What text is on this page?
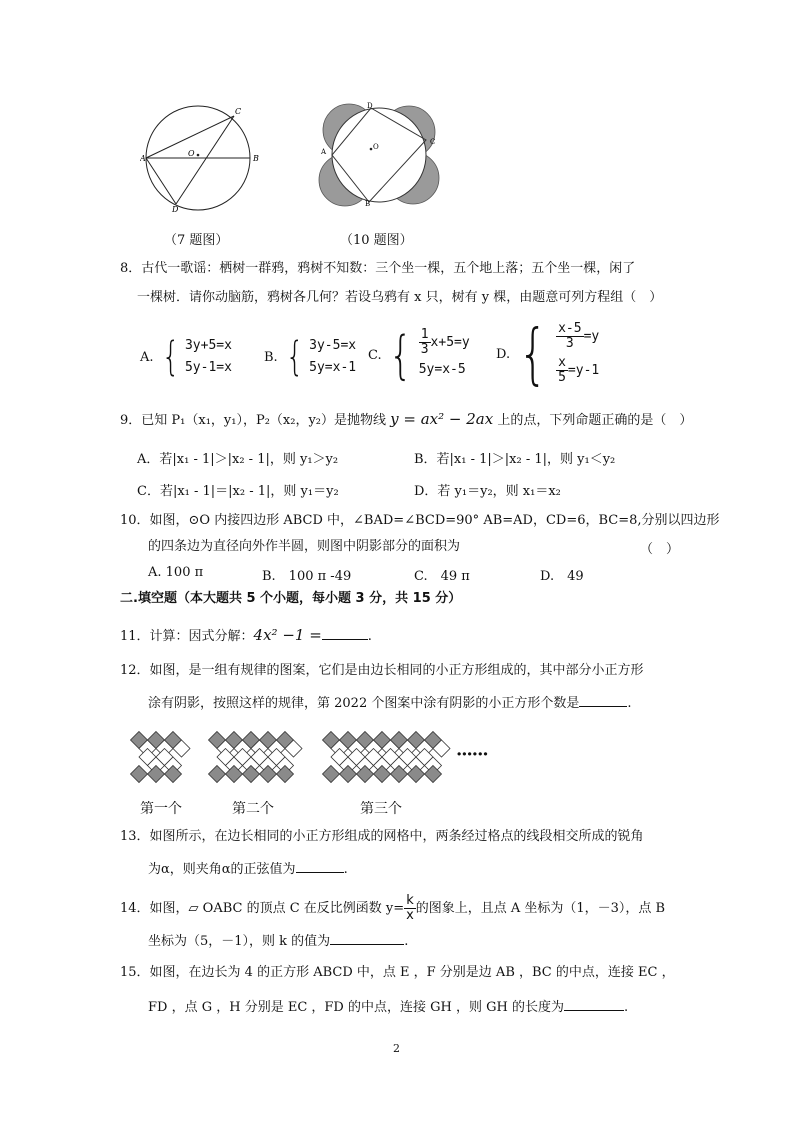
A	B
C
D
O
（7 题图）
A
B
C
D
O
（10 题图）
8．古代一歌谣：栖树一群鸦，鸦树不知数：三个坐一棵，五个地上落；五个坐一棵，闲了
一棵树．请你动脑筋，鸦树各几何？若设乌鸦有 x 只，树有 y 棵，由题意可列方程组（　）
A. { 3y+5=x
5y-1=x
B. { 3y-5=x
5y=x-1
C. { $\frac{1}{3} x+5=y$
5y=x-5
D. { $\frac{x-5}{3} =y$
$\frac{x}{5} =y-1$
9．已知 P₁（x₁，y₁），P₂（x₂，y₂）是抛物线 y = ax² − 2ax 上的点，下列命题正确的是（　）
A．若|x₁ - 1|＞|x₂ - 1|，则 y₁＞y₂	B．若|x₁ - 1|＞|x₂ - 1|，则 y₁＜y₂
C．若|x₁ - 1|＝|x₂ - 1|，则 y₁＝y₂	D．若 y₁＝y₂，则 x₁＝x₂
10．如图，⊙O 内接四边形 ABCD 中，∠BAD=∠BCD=90° AB=AD，CD=6，BC=8,分别以四边形
的四条边为直径向外作半圆，则图中阴影部分的面积为	（　）
A. 100 π	B.　100 π -49	C.　49 π	D.　49
二.填空题（本大题共 5 个小题，每小题 3 分，共 15 分）
11．计算：因式分解：4x² −1 =	.
12．如图，是一组有规律的图案，它们是由边长相同的小正方形组成的，其中部分小正方形
涂有阴影，按照这样的规律，第 2022 个图案中涂有阴影的小正方形个数是	.
······
第一个	第二个	第三个
13．如图所示，在边长相同的小正方形组成的网格中，两条经过格点的线段相交所成的锐角
为α，则夹角α的正弦值为	.
14．如图，▱ OABC 的顶点 C 在反比例函数 $y= \frac{k}{x}$ 的图象上，且点 A 坐标为（1，－3），点 B
坐标为（5，－1），则 k 的值为	.
15．如图，在边长为 4 的正方形 ABCD 中，点 E ，F 分别是边 AB ，BC 的中点，连接 EC ，
FD ，点 G ，H 分别是 EC ，FD 的中点，连接 GH ，则 GH 的长度为	.
2
